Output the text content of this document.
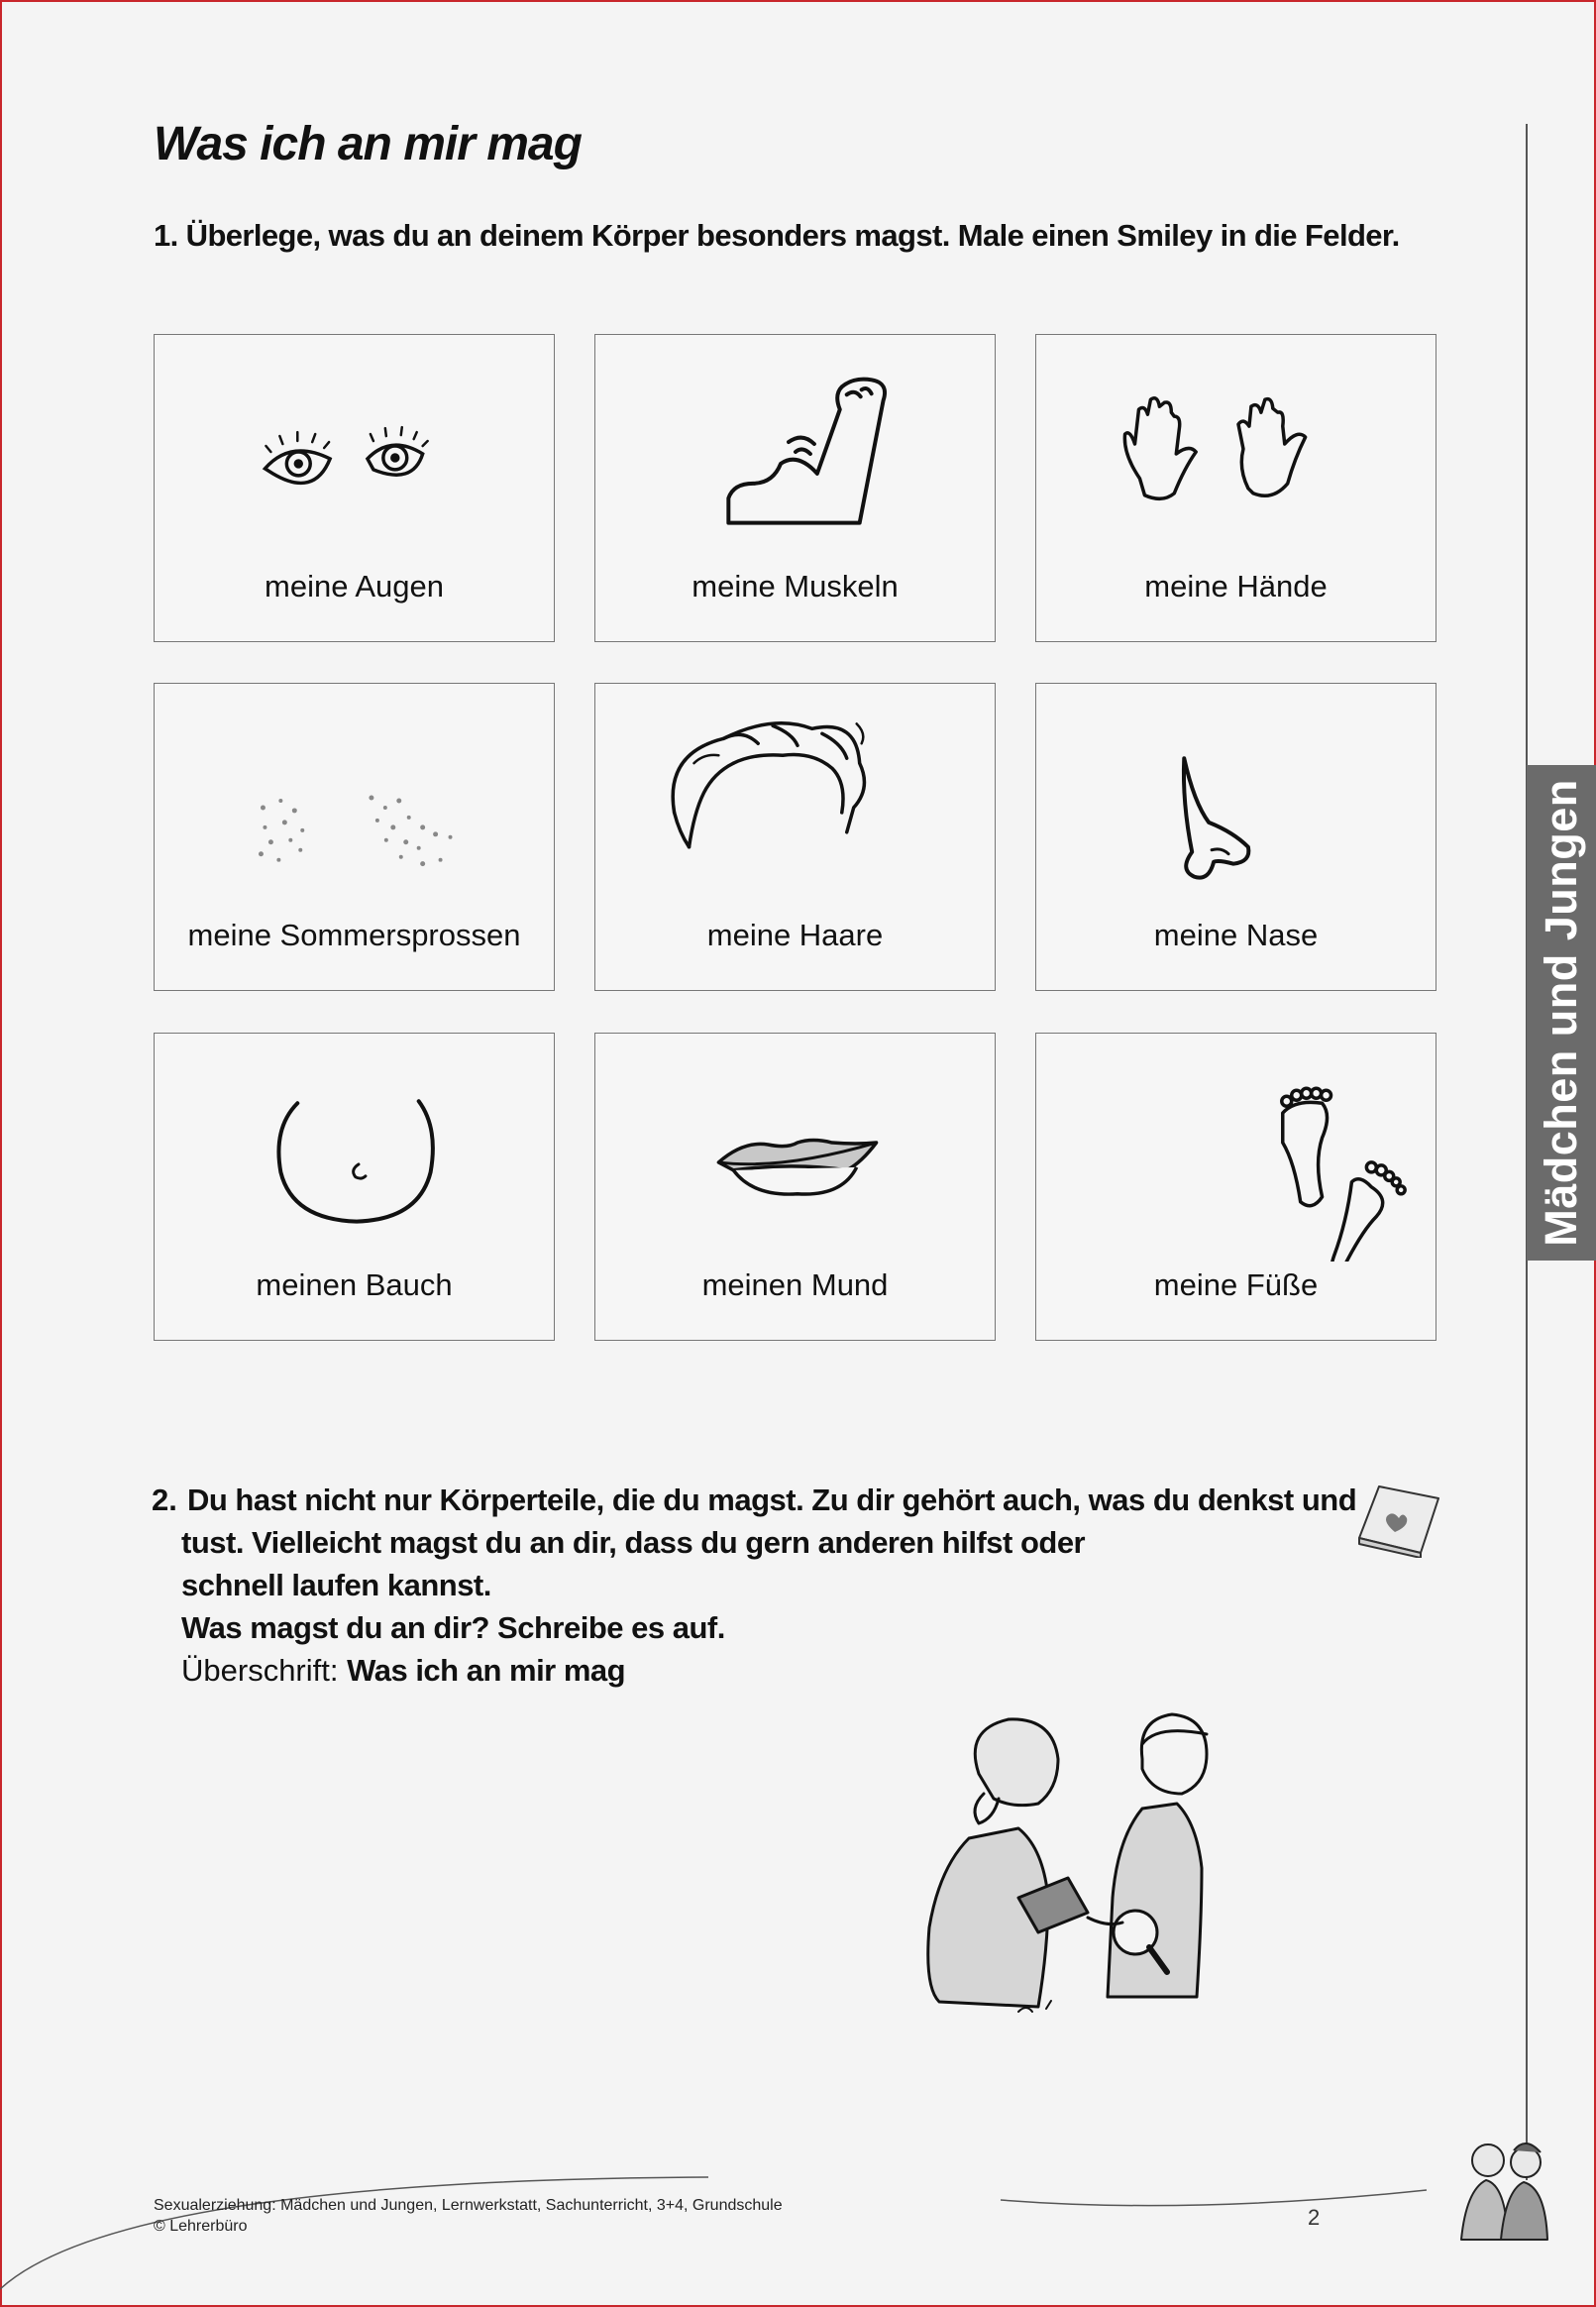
Mädchen und Jungen
Was ich an mir mag
1. Überlege, was du an deinem Körper besonders magst. Male einen Smiley in die Felder.
meine Augen	meine Muskeln	meine Hände
meine Sommersprossen	meine Haare	meine Nase
meinen Bauch	meinen Mund	meine Füße
2. Du hast nicht nur Körperteile, die du magst. Zu dir gehört auch, was du denkst und
tust. Vielleicht magst du an dir, dass du gern anderen hilfst oder
schnell laufen kannst.
Was magst du an dir? Schreibe es auf.
Überschrift: Was ich an mir mag
Sexualerziehung: Mädchen und Jungen, Lernwerkstatt, Sachunterricht, 3+4, Grundschule
© Lehrerbüro	2
